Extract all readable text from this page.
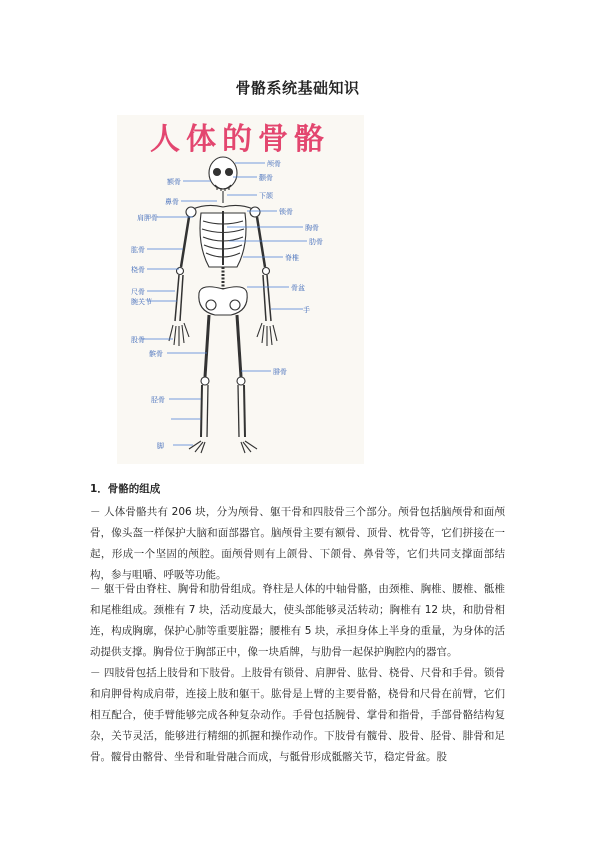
骨骼系统基础知识
人体的骨骼
颅骨
额骨	颧骨
鼻骨
下颌
锁骨
肩胛骨
胸骨
肱骨
肋骨
脊椎
桡骨
骨盆
尺骨
腕关节
手
股骨
髌骨
腓骨
胫骨
脚
1．骨骼的组成

－ 人体骨骼共有 206 块，分为颅骨、躯干骨和四肢骨三个部分。颅骨包括脑颅骨和面颅骨，像头盔一样保护大脑和面部器官。脑颅骨主要有额骨、顶骨、枕骨等，它们拼接在一起，形成一个坚固的颅腔。面颅骨则有上颌骨、下颌骨、鼻骨等，它们共同支撑面部结构，参与咀嚼、呼吸等功能。

－ 躯干骨由脊柱、胸骨和肋骨组成。脊柱是人体的中轴骨骼，由颈椎、胸椎、腰椎、骶椎和尾椎组成。颈椎有 7 块，活动度最大，使头部能够灵活转动；胸椎有 12 块，和肋骨相连，构成胸廓，保护心肺等重要脏器；腰椎有 5 块，承担身体上半身的重量，为身体的活动提供支撑。胸骨位于胸部正中，像一块盾牌，与肋骨一起保护胸腔内的器官。

－ 四肢骨包括上肢骨和下肢骨。上肢骨有锁骨、肩胛骨、肱骨、桡骨、尺骨和手骨。锁骨和肩胛骨构成肩带，连接上肢和躯干。肱骨是上臂的主要骨骼，桡骨和尺骨在前臂，它们相互配合，使手臂能够完成各种复杂动作。手骨包括腕骨、掌骨和指骨，手部骨骼结构复杂，关节灵活，能够进行精细的抓握和操作动作。下肢骨有髋骨、股骨、胫骨、腓骨和足骨。髋骨由髂骨、坐骨和耻骨融合而成，与骶骨形成骶髂关节，稳定骨盆。股
